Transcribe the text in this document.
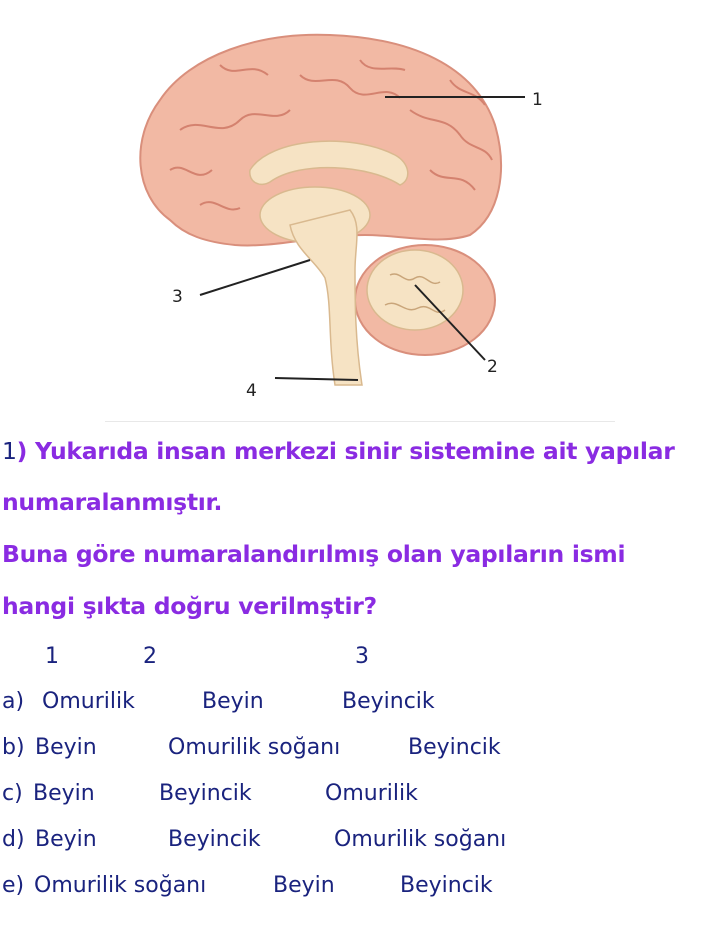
1
2
3
4
1) Yukarıda insan merkezi sinir sistemine ait yapılar
numaralanmıştır.
Buna göre numaralandırılmış olan yapıların ismi
hangi şıkta doğru verilmştir?
1	2	3
a) Omurilik	Beyin	Beyincik
b) Beyin	Omurilik soğanı	Beyincik
c) Beyin	Beyincik	Omurilik
d) Beyin	Beyincik	Omurilik soğanı
e) Omurilik soğanı	Beyin	Beyincik
